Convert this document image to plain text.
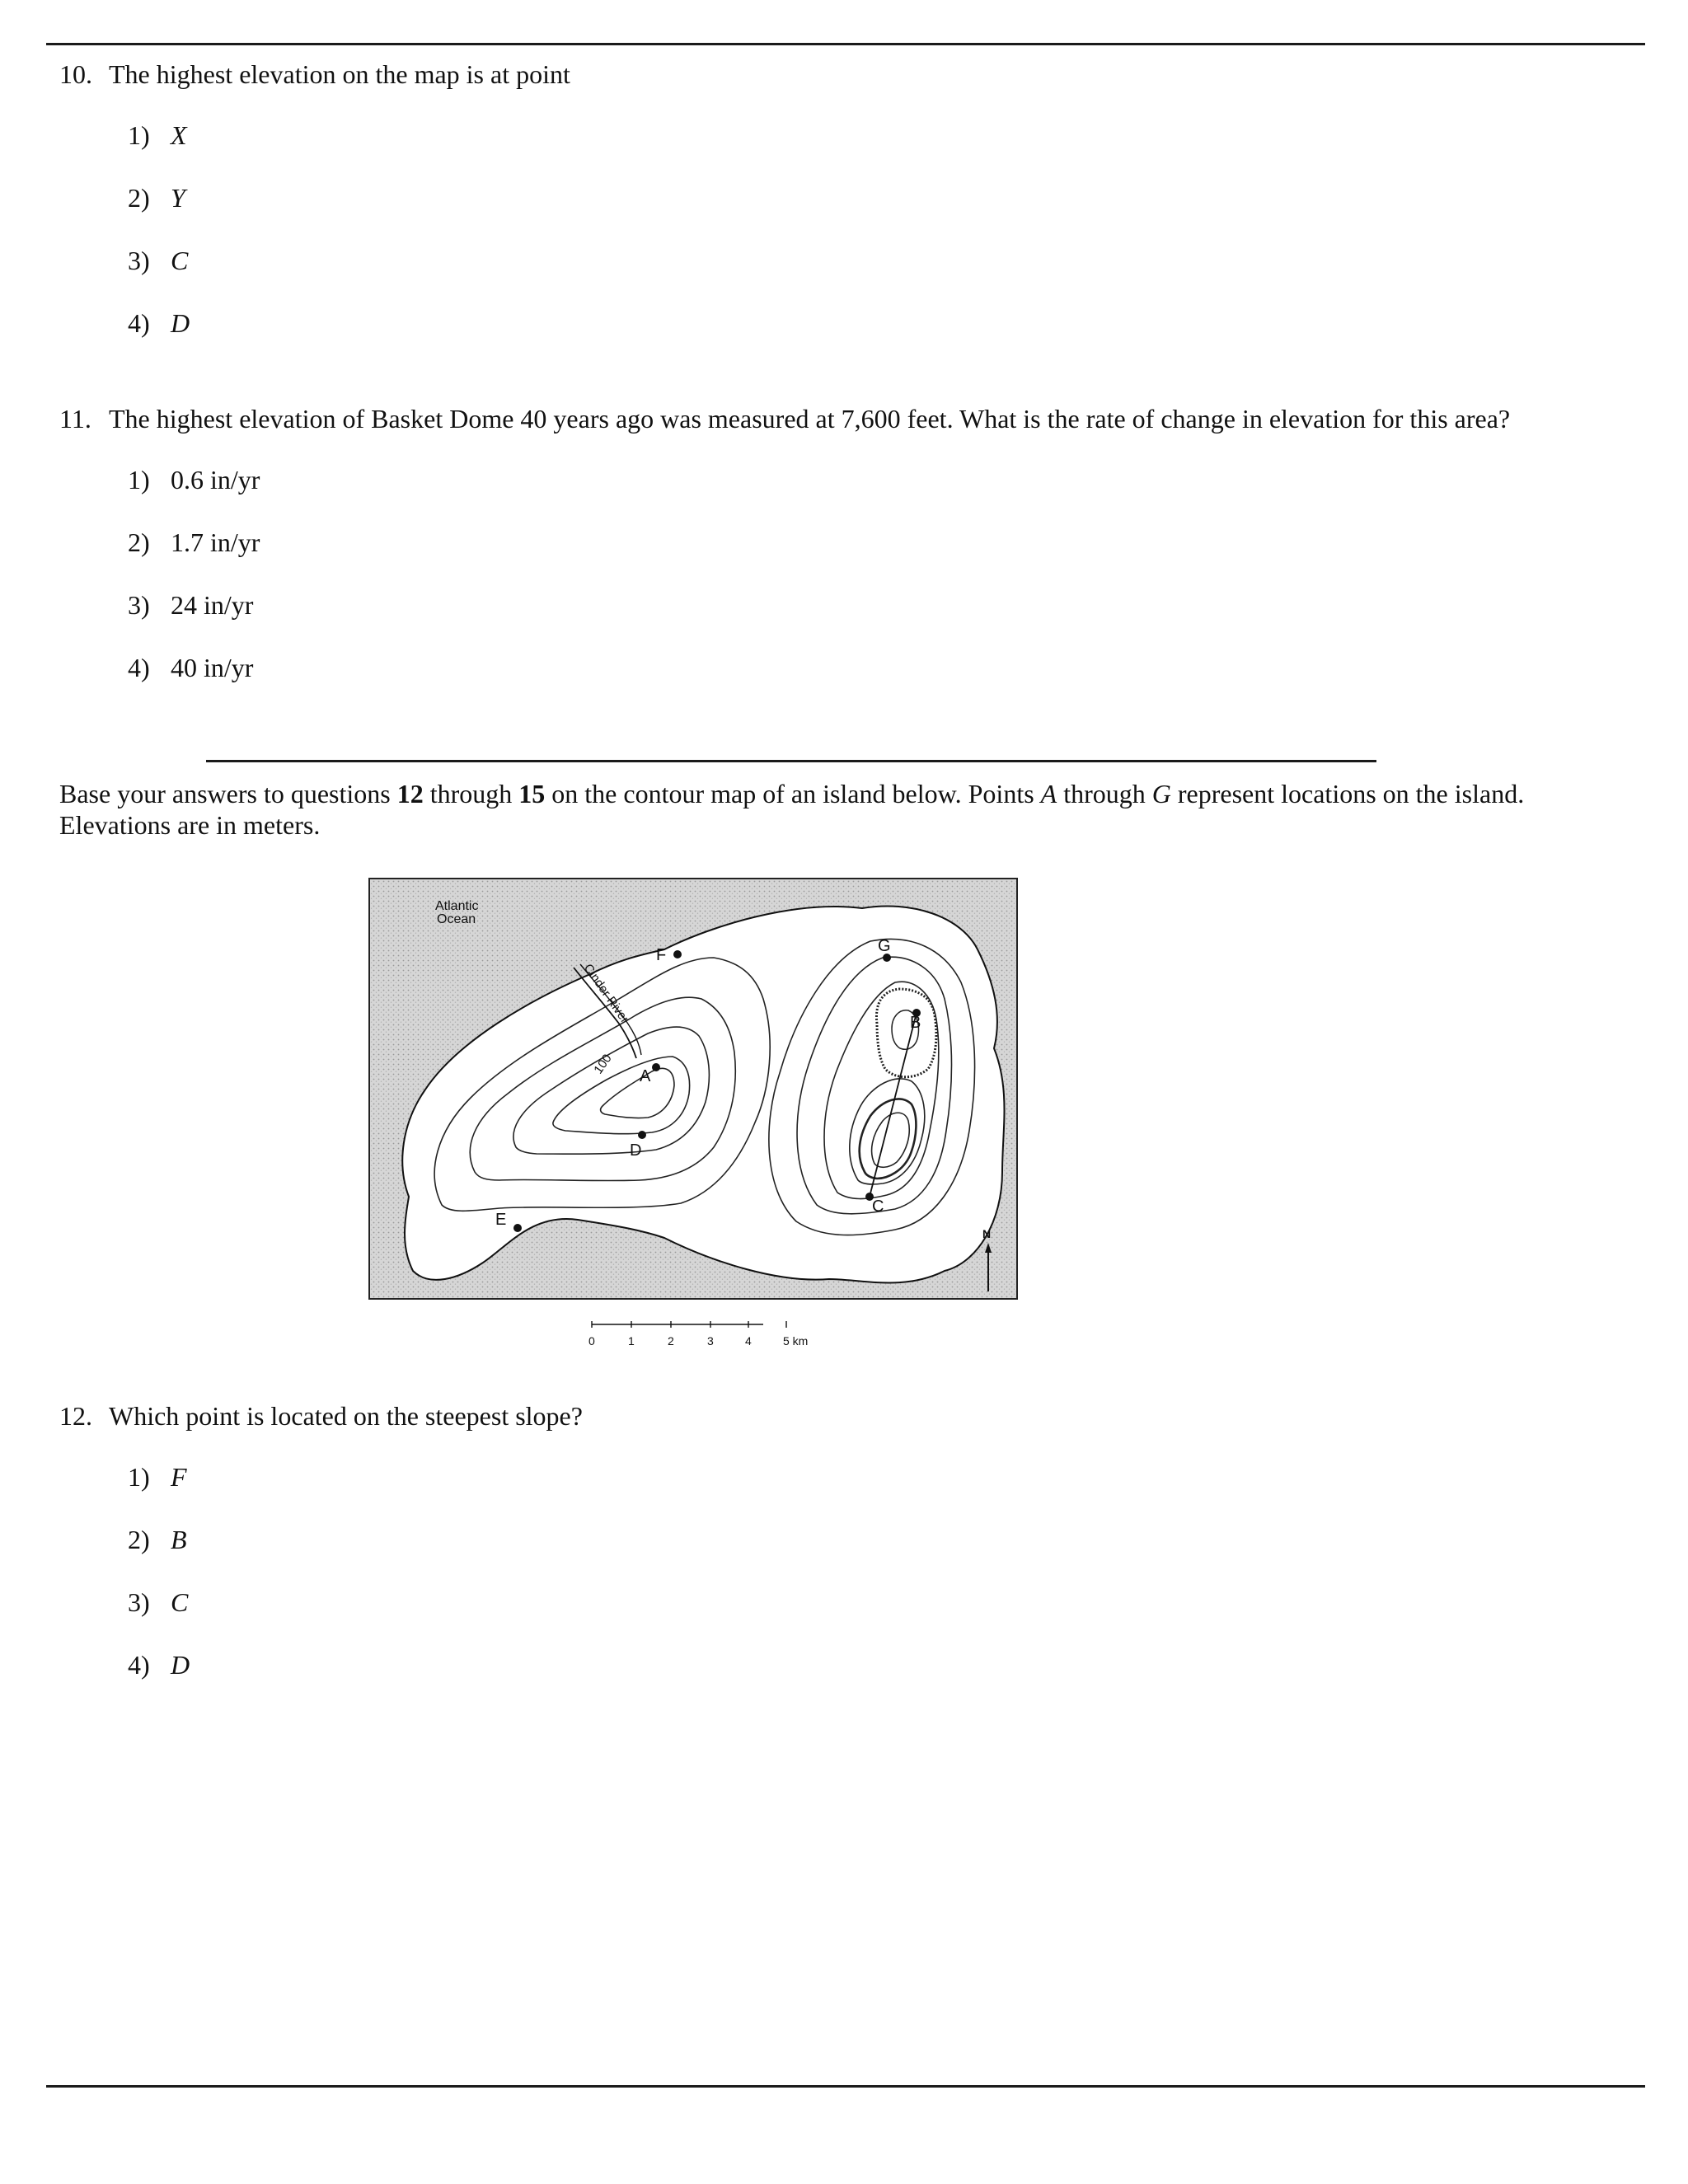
10. The highest elevation on the map is at point
1) X
2) Y
3) C
4) D
11. The highest elevation of Basket Dome 40 years ago was measured at 7,600 feet. What is the rate of change in elevation for this area?
1) 0.6 in/yr
2) 1.7 in/yr
3) 24 in/yr
4) 40 in/yr
Base your answers to questions 12 through 15 on the contour map of an island below. Points A through G represent locations on the island. Elevations are in meters.
Atlantic
Ocean
Cinder River
100 A
B
C
D
E
F	G
N
0	1	2	3	4	5 km
12. Which point is located on the steepest slope?
1) F
2) B
3) C
4) D
